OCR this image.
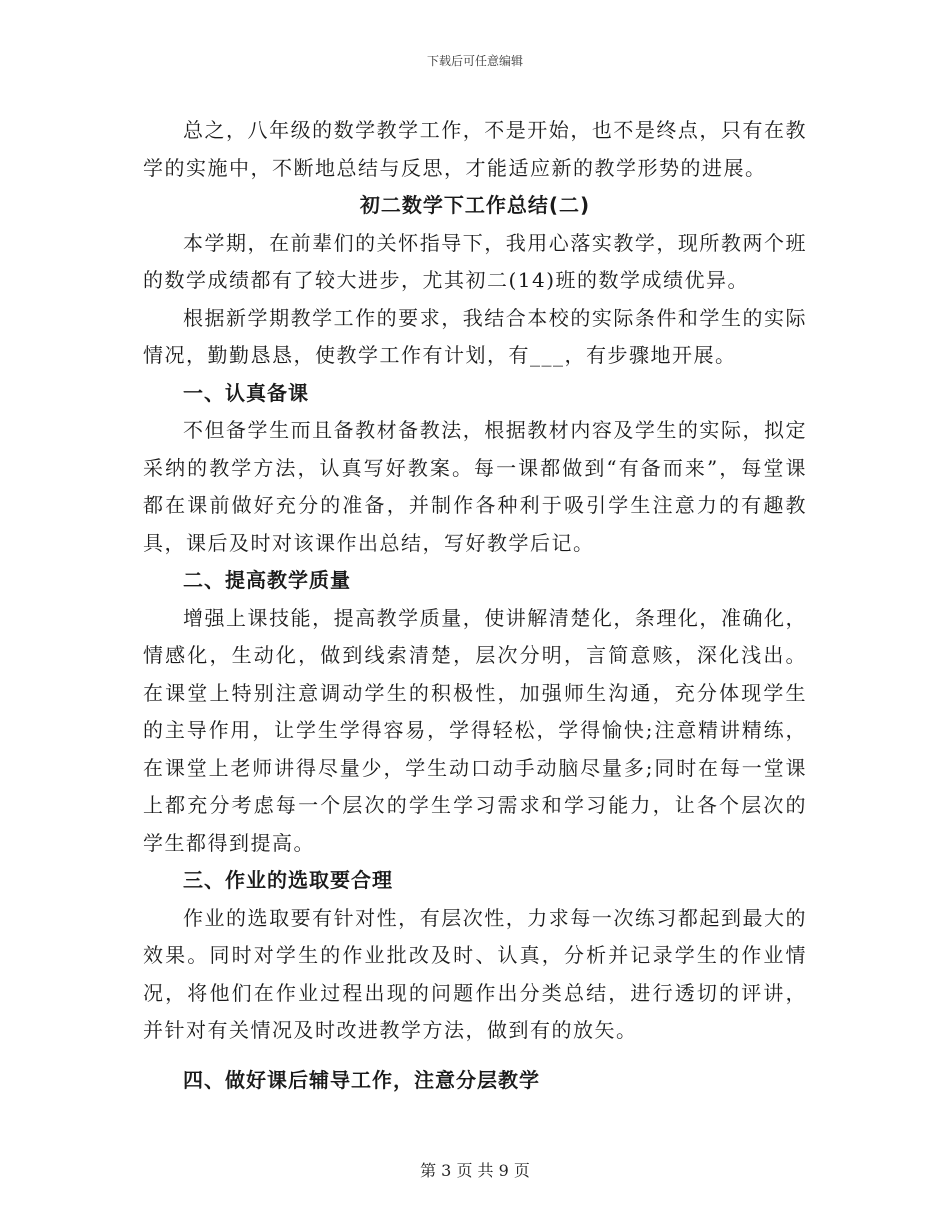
下载后可任意编辑

总之，八年级的数学教学工作，不是开始，也不是终点，只有在教学的实施中，不断地总结与反思，才能适应新的教学形势的进展。

初二数学下工作总结(二)

本学期，在前辈们的关怀指导下，我用心落实教学，现所教两个班的数学成绩都有了较大进步，尤其初二(14)班的数学成绩优异。

根据新学期教学工作的要求，我结合本校的实际条件和学生的实际情况，勤勤恳恳，使教学工作有计划，有___，有步骤地开展。

一、认真备课

不但备学生而且备教材备教法，根据教材内容及学生的实际，拟定采纳的教学方法，认真写好教案。每一课都做到“有备而来”，每堂课都在课前做好充分的准备，并制作各种利于吸引学生注意力的有趣教具，课后及时对该课作出总结，写好教学后记。

二、提高教学质量

增强上课技能，提高教学质量，使讲解清楚化，条理化，准确化，情感化，生动化，做到线索清楚，层次分明，言简意赅，深化浅出。在课堂上特别注意调动学生的积极性，加强师生沟通，充分体现学生的主导作用，让学生学得容易，学得轻松，学得愉快;注意精讲精练，在课堂上老师讲得尽量少，学生动口动手动脑尽量多;同时在每一堂课上都充分考虑每一个层次的学生学习需求和学习能力，让各个层次的学生都得到提高。

三、作业的选取要合理

作业的选取要有针对性，有层次性，力求每一次练习都起到最大的效果。同时对学生的作业批改及时、认真，分析并记录学生的作业情况，将他们在作业过程出现的问题作出分类总结，进行透切的评讲，并针对有关情况及时改进教学方法，做到有的放矢。

四、做好课后辅导工作，注意分层教学

第 3 页 共 9 页
